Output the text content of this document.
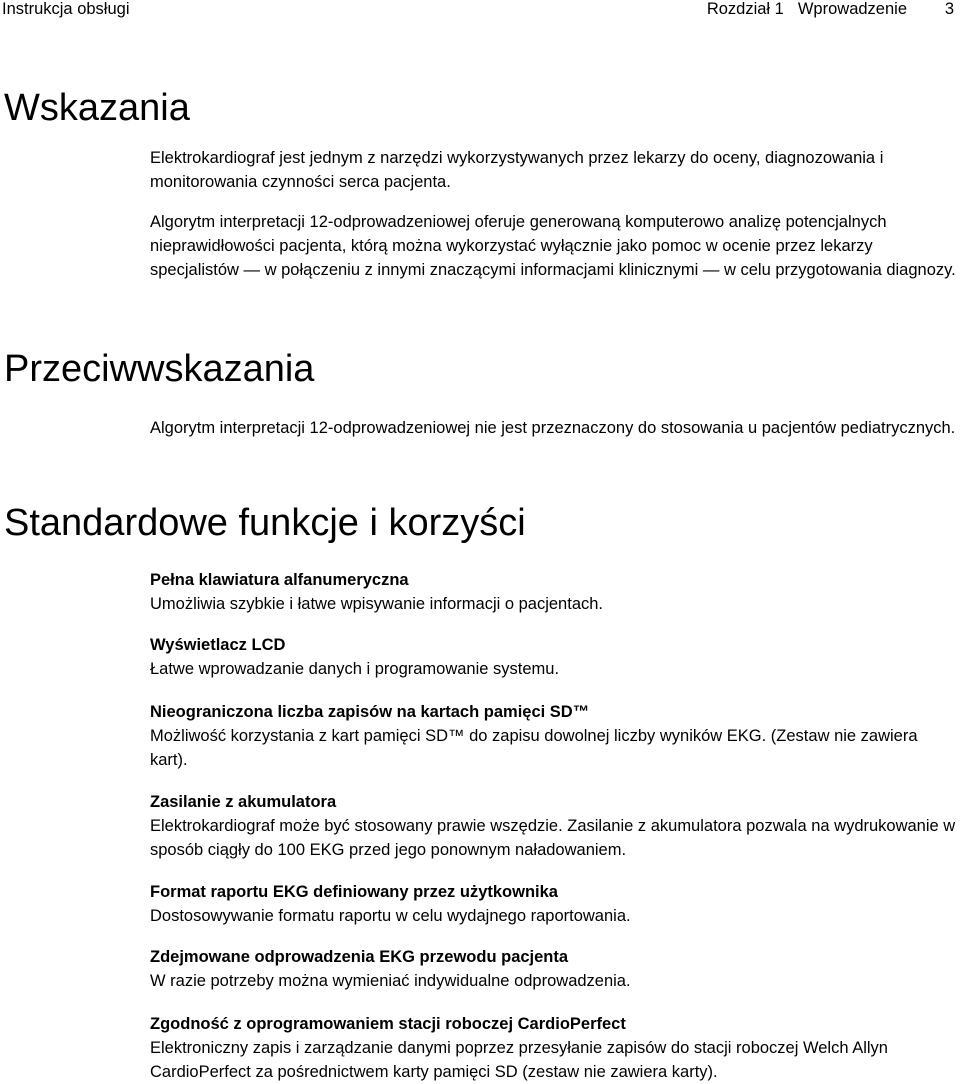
Instrukcja obsługi	Rozdział 1 Wprowadzenie 3
Wskazania

Elektrokardiograf jest jednym z narzędzi wykorzystywanych przez lekarzy do oceny, diagnozowania i monitorowania czynności serca pacjenta.

Algorytm interpretacji 12-odprowadzeniowej oferuje generowaną komputerowo analizę potencjalnych nieprawidłowości pacjenta, którą można wykorzystać wyłącznie jako pomoc w ocenie przez lekarzy specjalistów — w połączeniu z innymi znaczącymi informacjami klinicznymi — w celu przygotowania diagnozy.

Przeciwwskazania

Algorytm interpretacji 12-odprowadzeniowej nie jest przeznaczony do stosowania u pacjentów pediatrycznych.

Standardowe funkcje i korzyści

Pełna klawiatura alfanumeryczna

Umożliwia szybkie i łatwe wpisywanie informacji o pacjentach.

Wyświetlacz LCD

Łatwe wprowadzanie danych i programowanie systemu.

Nieograniczona liczba zapisów na kartach pamięci SD™

Możliwość korzystania z kart pamięci SD™ do zapisu dowolnej liczby wyników EKG. (Zestaw nie zawiera kart).

Zasilanie z akumulatora

Elektrokardiograf może być stosowany prawie wszędzie. Zasilanie z akumulatora pozwala na wydrukowanie w sposób ciągły do 100 EKG przed jego ponownym naładowaniem.

Format raportu EKG definiowany przez użytkownika

Dostosowywanie formatu raportu w celu wydajnego raportowania.

Zdejmowane odprowadzenia EKG przewodu pacjenta

W razie potrzeby można wymieniać indywidualne odprowadzenia.

Zgodność z oprogramowaniem stacji roboczej CardioPerfect

Elektroniczny zapis i zarządzanie danymi poprzez przesyłanie zapisów do stacji roboczej Welch Allyn CardioPerfect za pośrednictwem karty pamięci SD (zestaw nie zawiera karty).
